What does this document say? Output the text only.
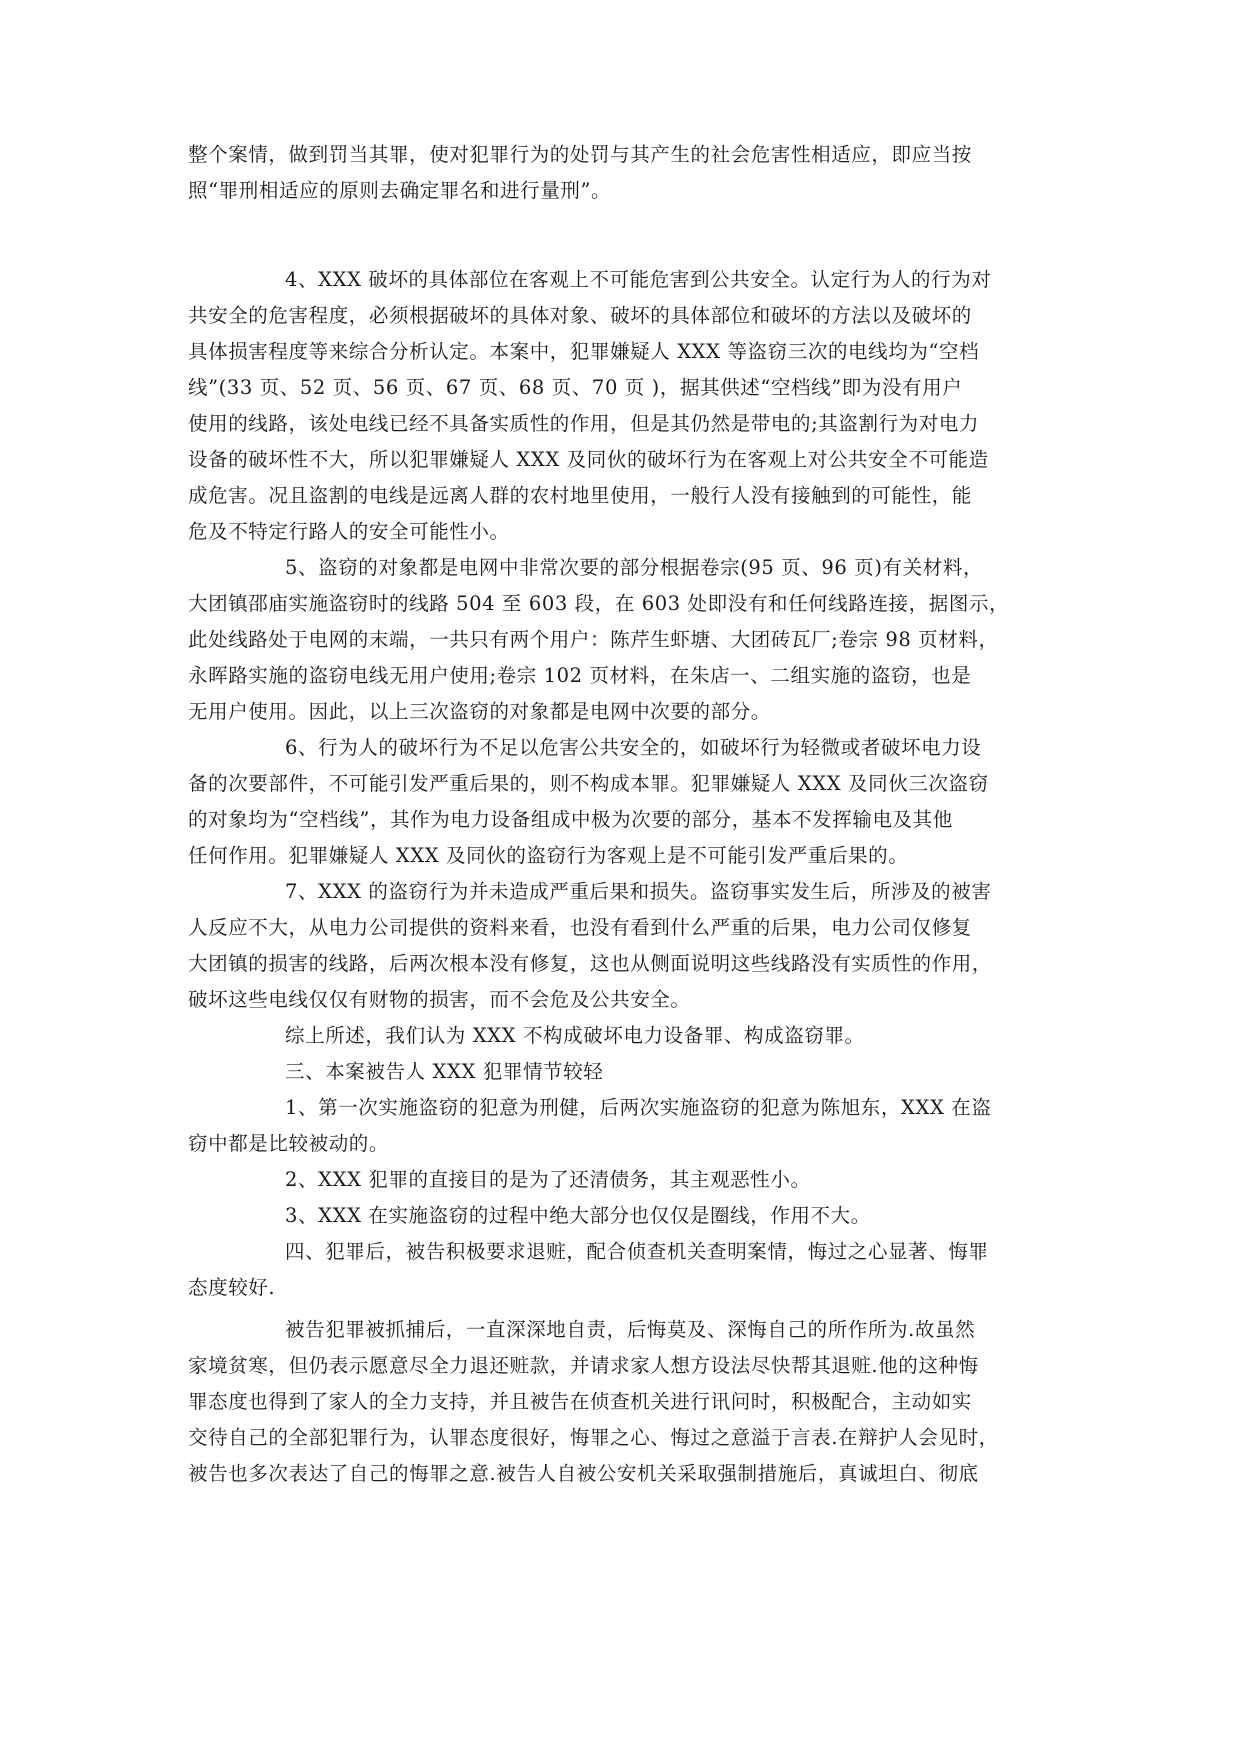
整个案情，做到罚当其罪，使对犯罪行为的处罚与其产生的社会危害性相适应，即应当按
照“罪刑相适应的原则去确定罪名和进行量刑”。
4、XXX 破坏的具体部位在客观上不可能危害到公共安全。认定行为人的行为对
共安全的危害程度，必须根据破坏的具体对象、破坏的具体部位和破坏的方法以及破坏的
具体损害程度等来综合分析认定。本案中，犯罪嫌疑人 XXX 等盗窃三次的电线均为“空档
线”(33 页、52 页、56 页、67 页、68 页、70 页 )，据其供述“空档线”即为没有用户
使用的线路，该处电线已经不具备实质性的作用，但是其仍然是带电的;其盗割行为对电力
设备的破坏性不大，所以犯罪嫌疑人 XXX 及同伙的破坏行为在客观上对公共安全不可能造
成危害。况且盗割的电线是远离人群的农村地里使用，一般行人没有接触到的可能性，能
危及不特定行路人的安全可能性小。
5、盗窃的对象都是电网中非常次要的部分根据卷宗(95 页、96 页)有关材料，
大团镇邵庙实施盗窃时的线路 504 至 603 段，在 603 处即没有和任何线路连接，据图示，
此处线路处于电网的末端，一共只有两个用户：陈芹生虾塘、大团砖瓦厂;卷宗 98 页材料，
永晖路实施的盗窃电线无用户使用;卷宗 102 页材料，在朱店一、二组实施的盗窃，也是
无用户使用。因此，以上三次盗窃的对象都是电网中次要的部分。
6、行为人的破坏行为不足以危害公共安全的，如破坏行为轻微或者破坏电力设
备的次要部件，不可能引发严重后果的，则不构成本罪。犯罪嫌疑人 XXX 及同伙三次盗窃
的对象均为“空档线”，其作为电力设备组成中极为次要的部分，基本不发挥输电及其他
任何作用。犯罪嫌疑人 XXX 及同伙的盗窃行为客观上是不可能引发严重后果的。
7、XXX 的盗窃行为并未造成严重后果和损失。盗窃事实发生后，所涉及的被害
人反应不大，从电力公司提供的资料来看，也没有看到什么严重的后果，电力公司仅修复
大团镇的损害的线路，后两次根本没有修复，这也从侧面说明这些线路没有实质性的作用，
破坏这些电线仅仅有财物的损害，而不会危及公共安全。
综上所述，我们认为 XXX 不构成破坏电力设备罪、构成盗窃罪。
三、本案被告人 XXX 犯罪情节较轻
1、第一次实施盗窃的犯意为刑健，后两次实施盗窃的犯意为陈旭东，XXX 在盗
窃中都是比较被动的。
2、XXX 犯罪的直接目的是为了还清债务，其主观恶性小。
3、XXX 在实施盗窃的过程中绝大部分也仅仅是圈线，作用不大。
四、犯罪后，被告积极要求退赃，配合侦查机关查明案情，悔过之心显著、悔罪
态度较好.
被告犯罪被抓捕后，一直深深地自责，后悔莫及、深悔自己的所作所为.故虽然
家境贫寒，但仍表示愿意尽全力退还赃款，并请求家人想方设法尽快帮其退赃.他的这种悔
罪态度也得到了家人的全力支持，并且被告在侦查机关进行讯问时，积极配合，主动如实
交待自己的全部犯罪行为，认罪态度很好，悔罪之心、悔过之意溢于言表.在辩护人会见时，
被告也多次表达了自己的悔罪之意.被告人自被公安机关采取强制措施后，真诚坦白、彻底
